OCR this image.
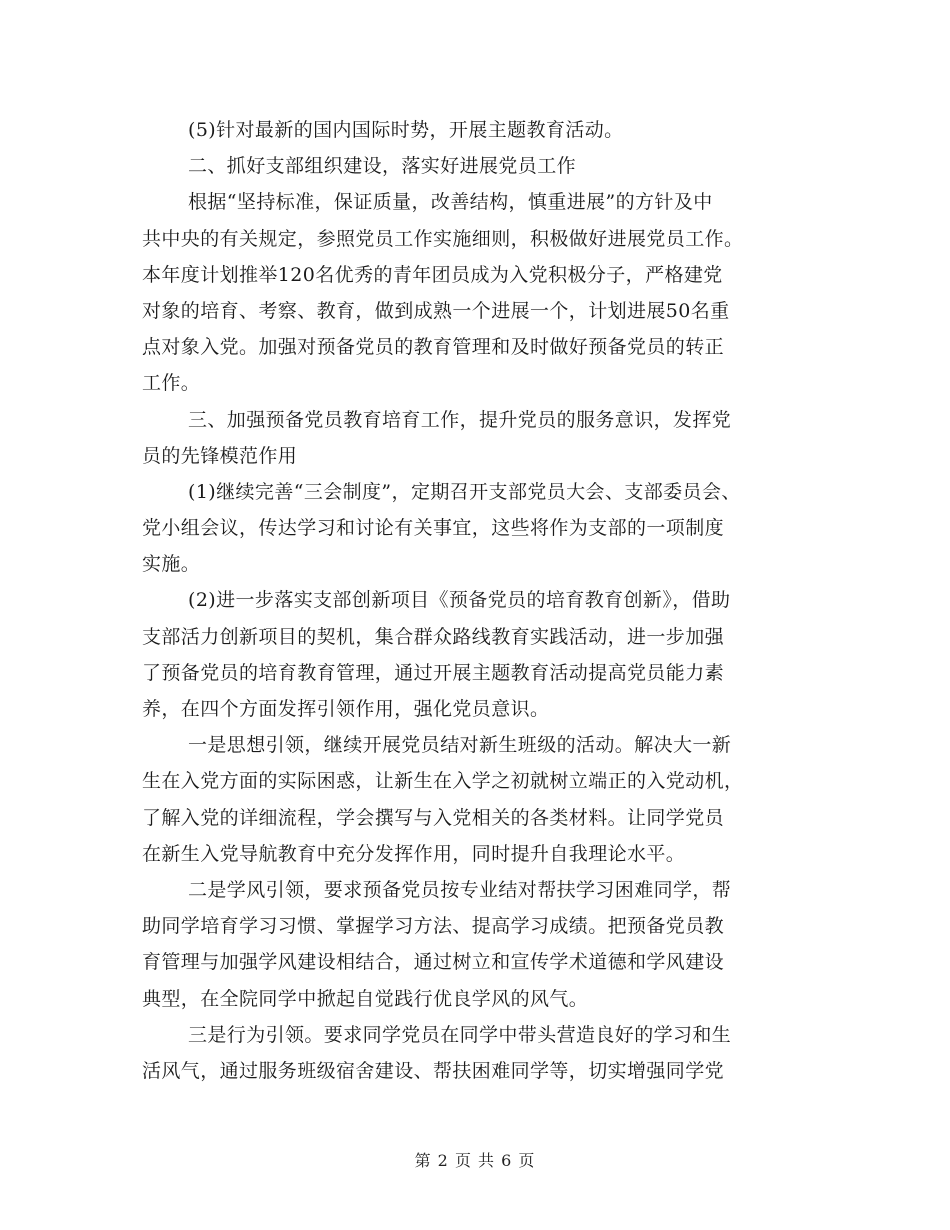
(5)针对最新的国内国际时势，开展主题教育活动。
二、抓好支部组织建设，落实好进展党员工作
根据“坚持标准，保证质量，改善结构，慎重进展”的方针及中
共中央的有关规定，参照党员工作实施细则，积极做好进展党员工作。
本年度计划推举120名优秀的青年团员成为入党积极分子，严格建党
对象的培育、考察、教育，做到成熟一个进展一个，计划进展50名重
点对象入党。加强对预备党员的教育管理和及时做好预备党员的转正
工作。
三、加强预备党员教育培育工作，提升党员的服务意识，发挥党
员的先锋模范作用
(1)继续完善“三会制度”，定期召开支部党员大会、支部委员会、
党小组会议，传达学习和讨论有关事宜，这些将作为支部的一项制度
实施。
(2)进一步落实支部创新项目《预备党员的培育教育创新》，借助
支部活力创新项目的契机，集合群众路线教育实践活动，进一步加强
了预备党员的培育教育管理，通过开展主题教育活动提高党员能力素
养，在四个方面发挥引领作用，强化党员意识。
一是思想引领，继续开展党员结对新生班级的活动。解决大一新
生在入党方面的实际困惑，让新生在入学之初就树立端正的入党动机，
了解入党的详细流程，学会撰写与入党相关的各类材料。让同学党员
在新生入党导航教育中充分发挥作用，同时提升自我理论水平。
二是学风引领，要求预备党员按专业结对帮扶学习困难同学，帮
助同学培育学习习惯、掌握学习方法、提高学习成绩。把预备党员教
育管理与加强学风建设相结合，通过树立和宣传学术道德和学风建设
典型，在全院同学中掀起自觉践行优良学风的风气。
三是行为引领。要求同学党员在同学中带头营造良好的学习和生
活风气，通过服务班级宿舍建设、帮扶困难同学等，切实增强同学党
第 2 页 共 6 页
